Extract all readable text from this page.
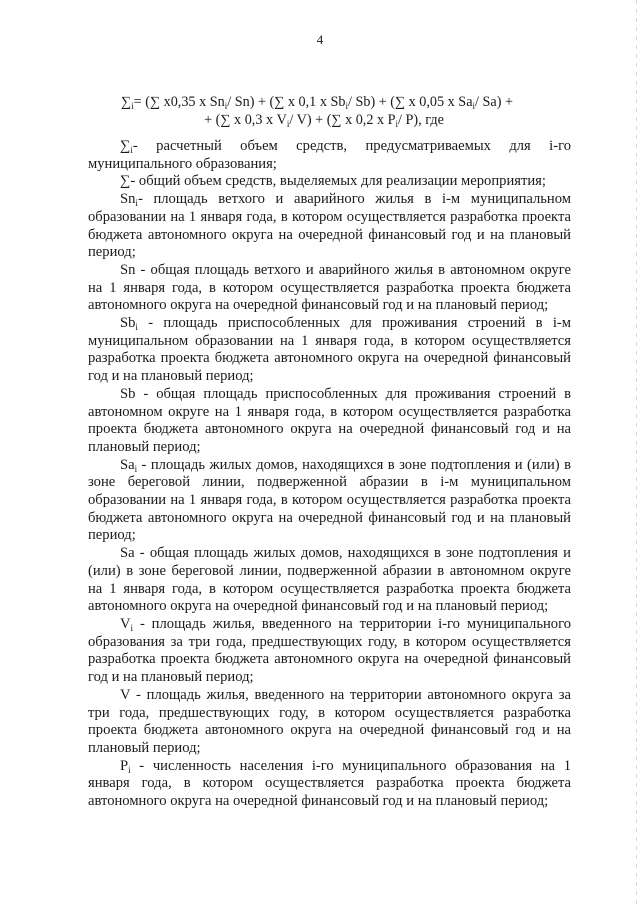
4
$\sum_i=$ (∑ х0,35 х $Sn_i/$ Sn) + (∑ х 0,1 х $Sb_i/$ Sb) + (∑ х 0,05 х $Sa_i/$ Sa) +
+ (∑ х 0,3 х $V_i/$ V) + (∑ х 0,2 х $P_i/$ P), где

$\sum_i-$ расчетный объем средств, предусматриваемых для i-го муниципального образования;

∑- общий объем средств, выделяемых для реализации мероприятия;

$Sn_i-$ площадь ветхого и аварийного жилья в i-м муниципальном образовании на 1 января года, в котором осуществляется разработка проекта бюджета автономного округа на очередной финансовый год и на плановый период;

Sn - общая площадь ветхого и аварийного жилья в автономном округе на 1 января года, в котором осуществляется разработка проекта бюджета автономного округа на очередной финансовый год и на плановый период;

$Sb_i$ - площадь приспособленных для проживания строений в i-м муниципальном образовании на 1 января года, в котором осуществляется разработка проекта бюджета автономного округа на очередной финансовый год и на плановый период;

Sb - общая площадь приспособленных для проживания строений в автономном округе на 1 января года, в котором осуществляется разработка проекта бюджета автономного округа на очередной финансовый год и на плановый период;

$Sa_i$ - площадь жилых домов, находящихся в зоне подтопления и (или) в зоне береговой линии, подверженной абразии в i-м муниципальном образовании на 1 января года, в котором осуществляется разработка проекта бюджета автономного округа на очередной финансовый год и на плановый период;

Sa - общая площадь жилых домов, находящихся в зоне подтопления и (или) в зоне береговой линии, подверженной абразии в автономном округе на 1 января года, в котором осуществляется разработка проекта бюджета автономного округа на очередной финансовый год и на плановый период;

$V_i$ - площадь жилья, введенного на территории i-го муниципального образования за три года, предшествующих году, в котором осуществляется разработка проекта бюджета автономного округа на очередной финансовый год и на плановый период;

V - площадь жилья, введенного на территории автономного округа за три года, предшествующих году, в котором осуществляется разработка проекта бюджета автономного округа на очередной финансовый год и на плановый период;

$P_i$ - численность населения i-го муниципального образования на 1 января года, в котором осуществляется разработка проекта бюджета автономного округа на очередной финансовый год и на плановый период;
